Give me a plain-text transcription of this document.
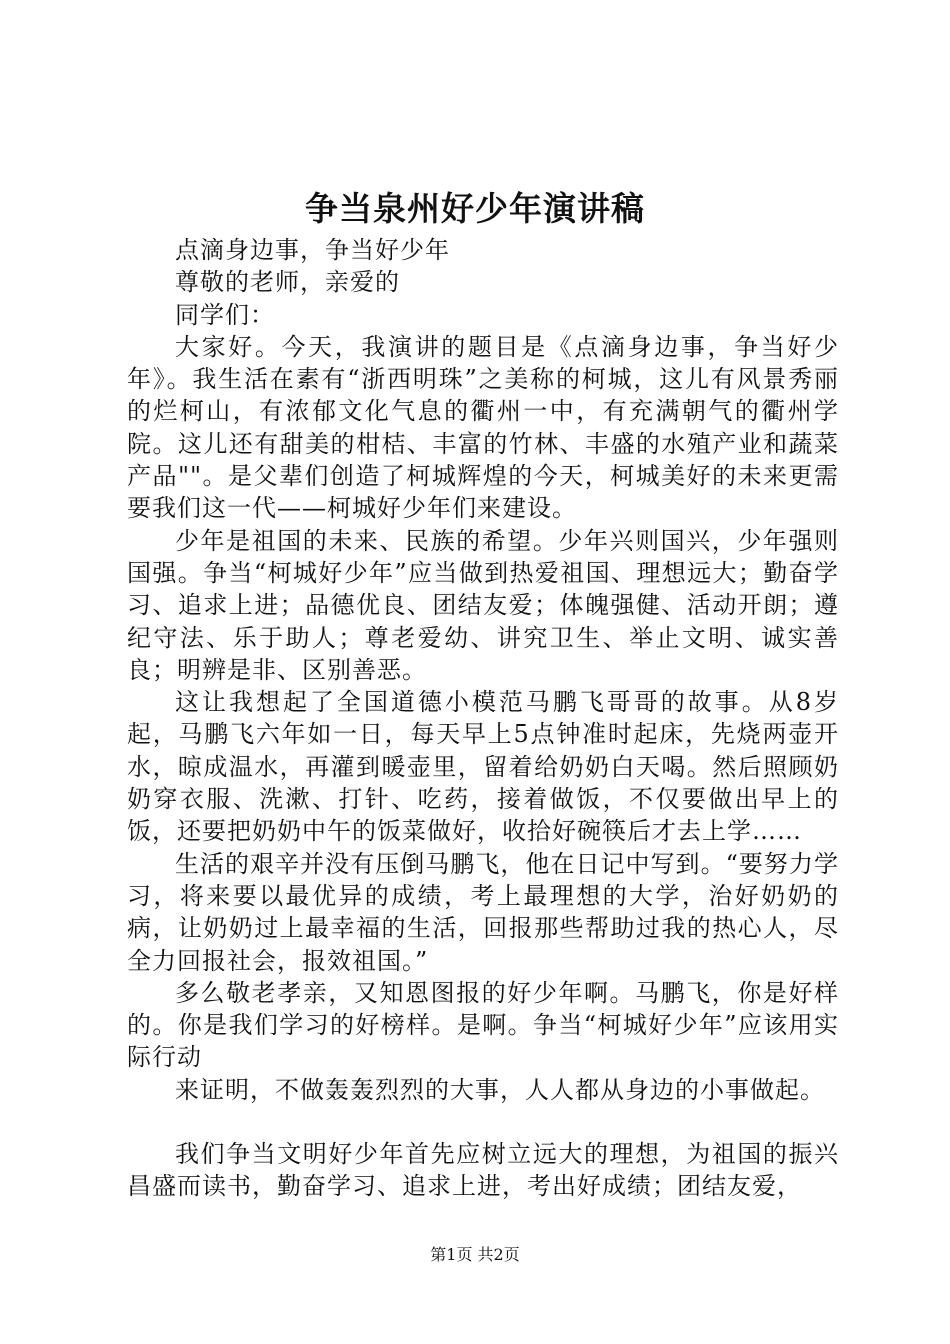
争当泉州好少年演讲稿

点滴身边事，争当好少年

尊敬的老师，亲爱的

同学们：

大家好。今天，我演讲的题目是《点滴身边事，争当好少年》。我生活在素有“浙西明珠”之美称的柯城，这儿有风景秀丽的烂柯山，有浓郁文化气息的衢州一中，有充满朝气的衢州学院。这儿还有甜美的柑桔、丰富的竹林、丰盛的水殖产业和蔬菜产品""。是父辈们创造了柯城辉煌的今天，柯城美好的未来更需要我们这一代——柯城好少年们来建设。

少年是祖国的未来、民族的希望。少年兴则国兴，少年强则国强。争当“柯城好少年”应当做到热爱祖国、理想远大；勤奋学习、追求上进；品德优良、团结友爱；体魄强健、活动开朗；遵纪守法、乐于助人；尊老爱幼、讲究卫生、举止文明、诚实善良；明辨是非、区别善恶。

这让我想起了全国道德小模范马鹏飞哥哥的故事。从8岁起，马鹏飞六年如一日，每天早上5点钟准时起床，先烧两壶开水，晾成温水，再灌到暖壶里，留着给奶奶白天喝。然后照顾奶奶穿衣服、洗漱、打针、吃药，接着做饭，不仅要做出早上的饭，还要把奶奶中午的饭菜做好，收拾好碗筷后才去上学……

生活的艰辛并没有压倒马鹏飞，他在日记中写到。“要努力学习，将来要以最优异的成绩，考上最理想的大学，治好奶奶的病，让奶奶过上最幸福的生活，回报那些帮助过我的热心人，尽全力回报社会，报效祖国。”

多么敬老孝亲，又知恩图报的好少年啊。马鹏飞，你是好样的。你是我们学习的好榜样。是啊。争当“柯城好少年”应该用实际行动

来证明，不做轰轰烈烈的大事，人人都从身边的小事做起。

我们争当文明好少年首先应树立远大的理想，为祖国的振兴昌盛而读书，勤奋学习、追求上进，考出好成绩；团结友爱，

第1页 共2页
